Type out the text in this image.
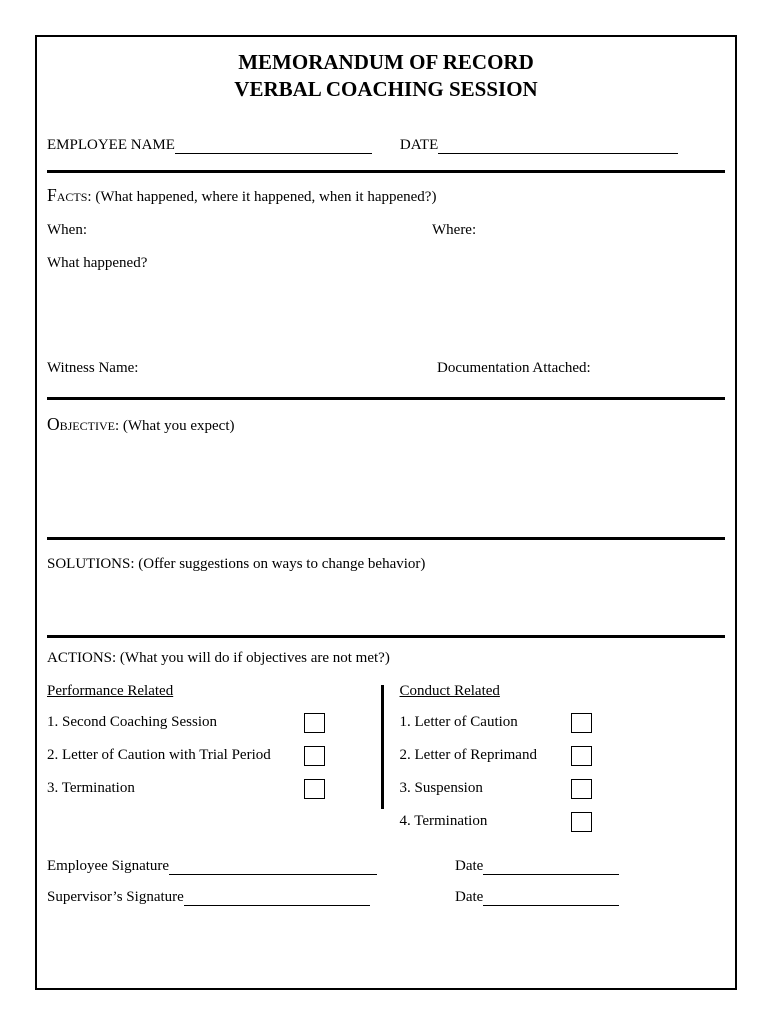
MEMORANDUM OF RECORD
VERBAL COACHING SESSION
EMPLOYEE NAME	DATE
Facts: (What happened, where it happened, when it happened?)
When:	Where:
What happened?
Witness Name:	Documentation Attached:
Objective: (What you expect)
SOLUTIONS: (Offer suggestions on ways to change behavior)
ACTIONS: (What you will do if objectives are not met?)
Performance Related
1. Second Coaching Session
2. Letter of Caution with Trial Period
3. Termination
Conduct Related
1. Letter of Caution
2. Letter of Reprimand
3. Suspension
4. Termination
Employee Signature	Date
Supervisor’s Signature	Date
